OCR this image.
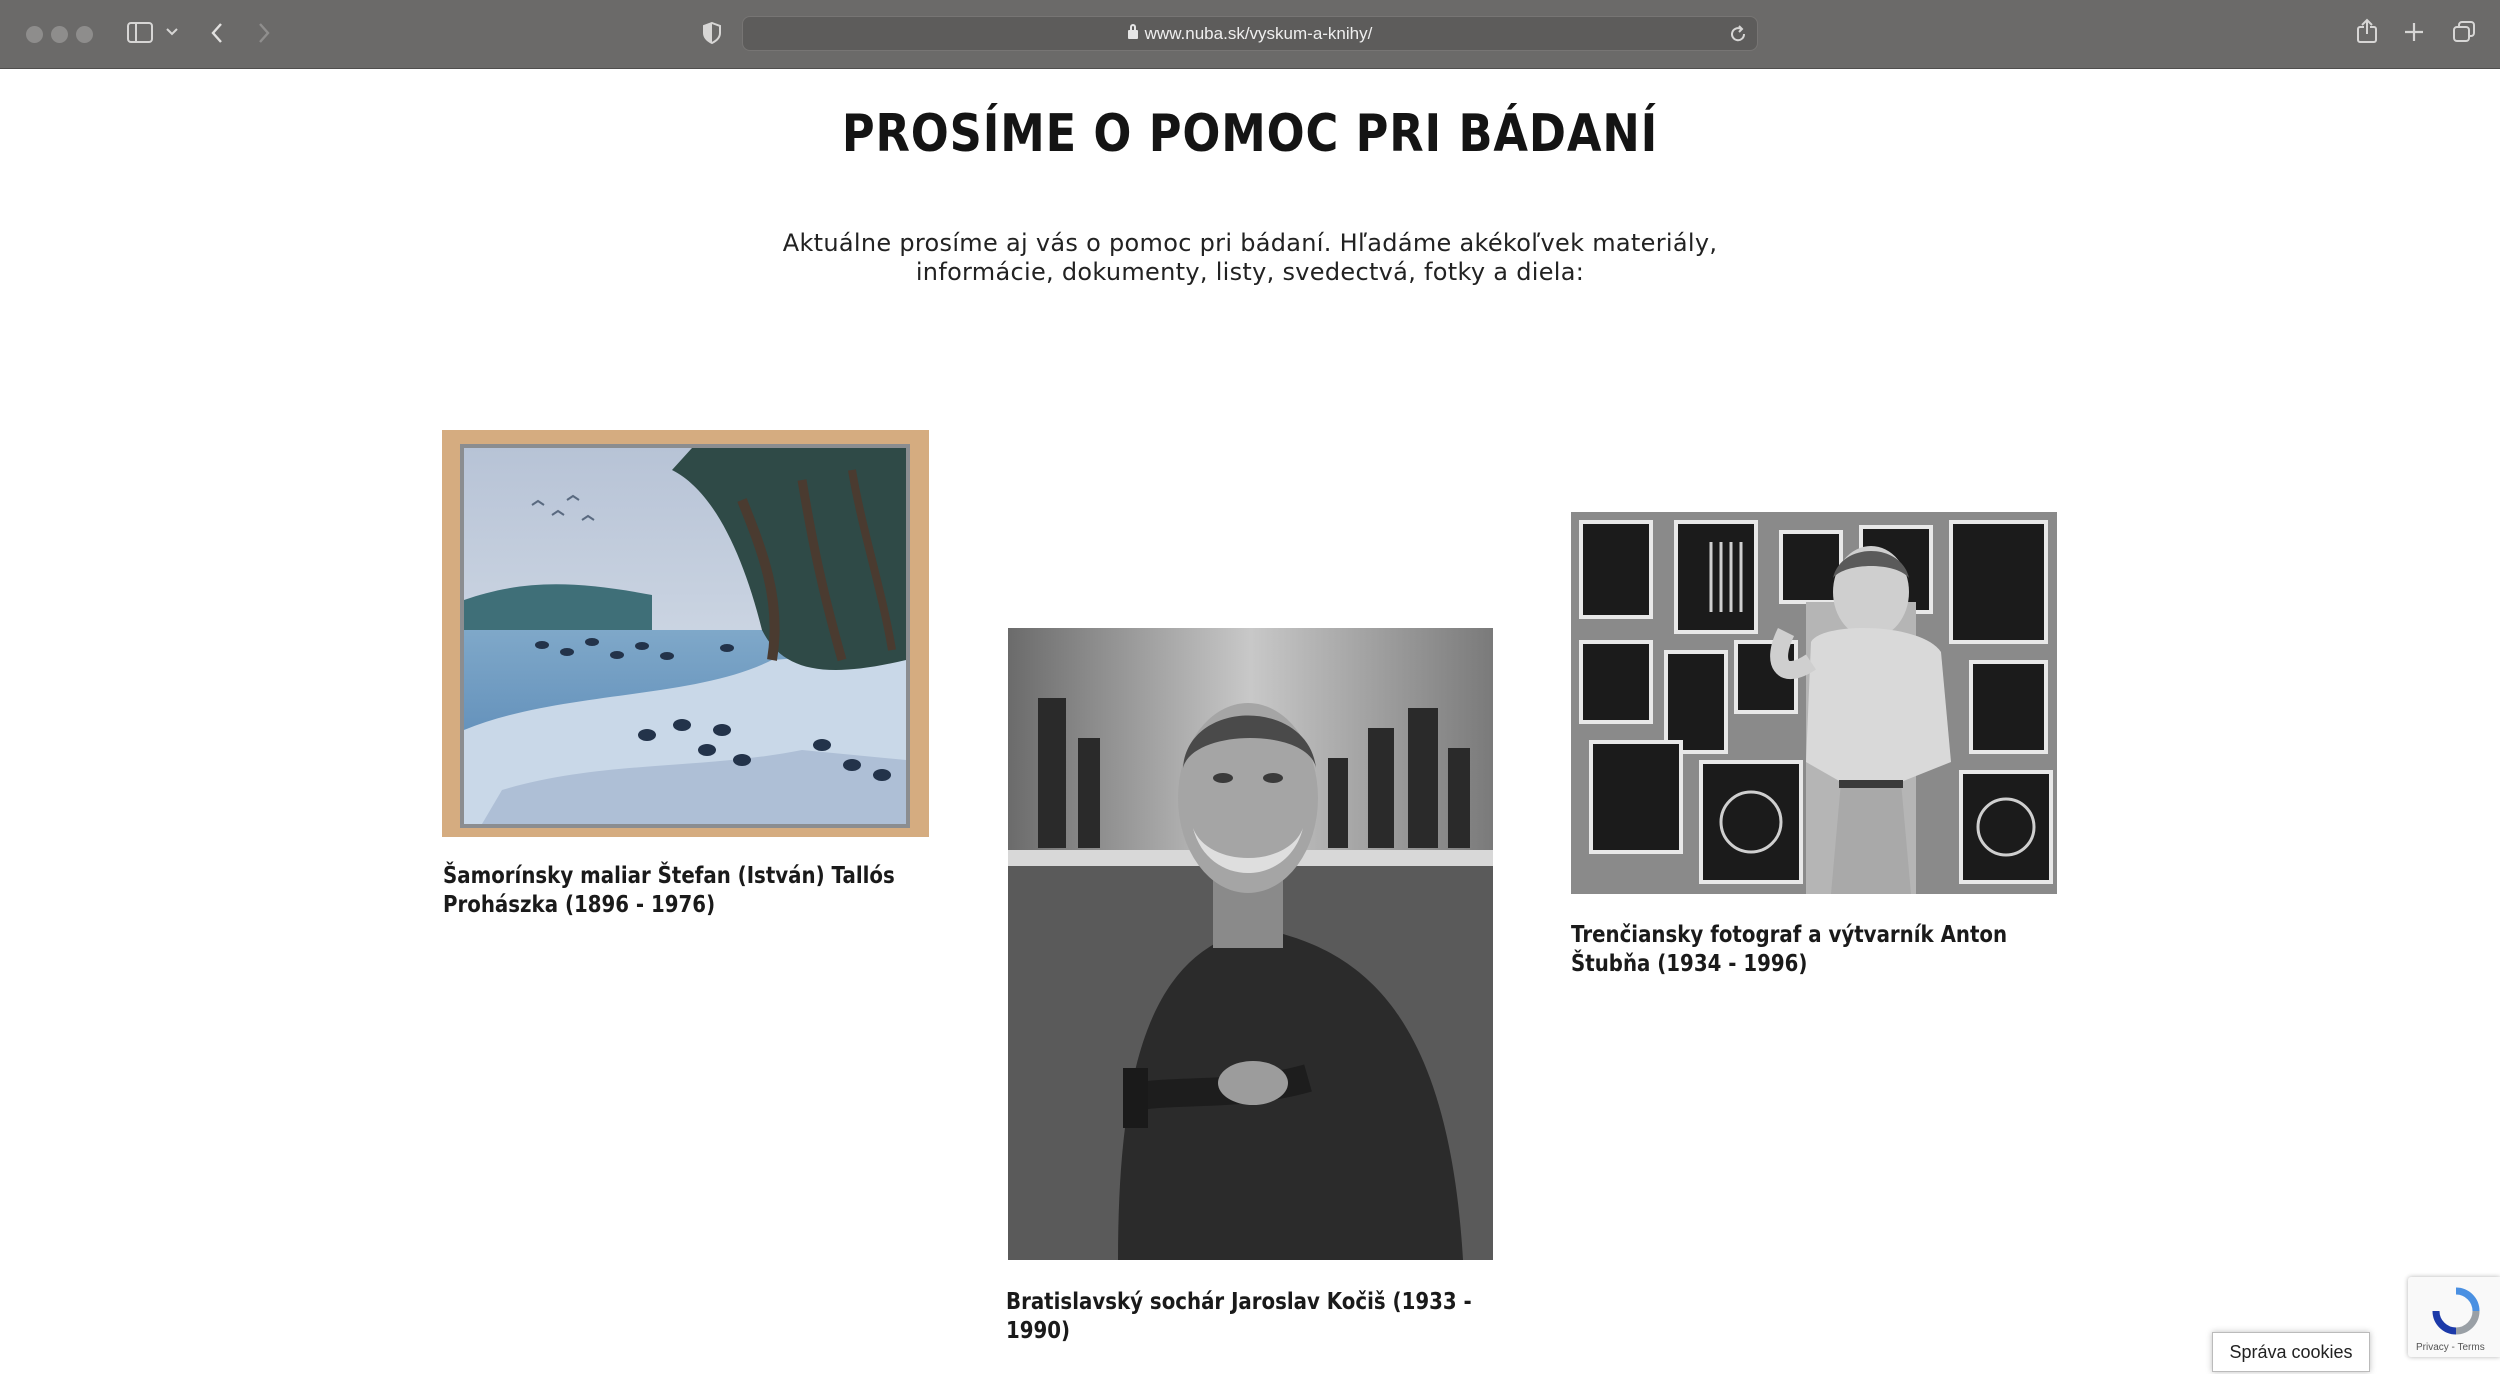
www.nuba.sk/vyskum-a-knihy/
PROSÍME O POMOC PRI BÁDANÍ
Aktuálne prosíme aj vás o pomoc pri bádaní. Hľadáme akékoľvek materiály,
informácie, dokumenty, listy, svedectvá, fotky a diela:
Šamorínsky maliar Štefan (István) Tallós
Prohászka (1896 - 1976)
Bratislavský sochár Jaroslav Kočiš (1933 -
1990)
Trenčiansky fotograf a výtvarník Anton
Štubňa (1934 - 1996)
Privacy - Terms
Správa cookies
